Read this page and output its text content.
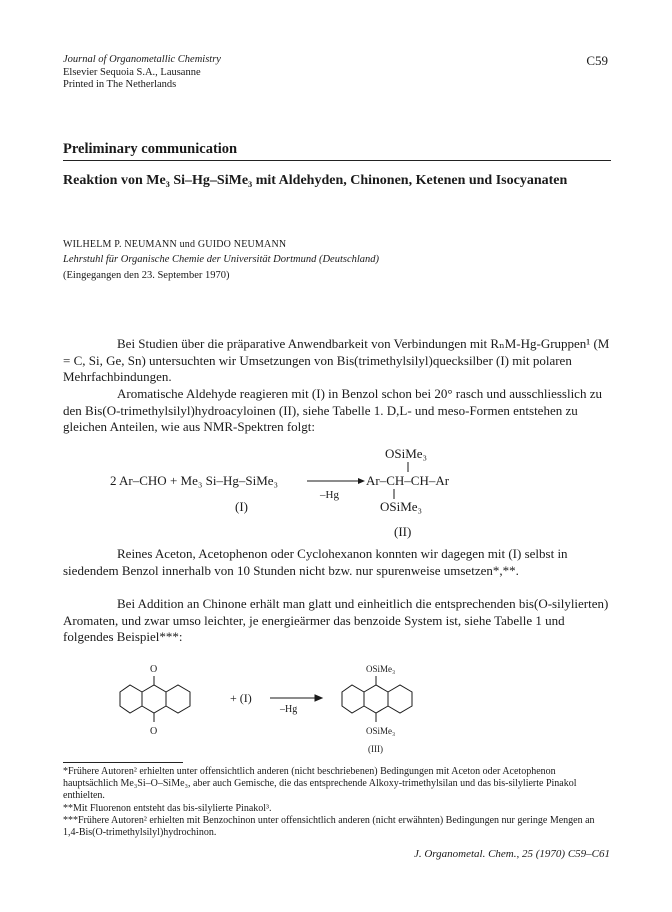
Journal of Organometallic Chemistry
Elsevier Sequoia S.A., Lausanne
Printed in The Netherlands
C59
Preliminary communication
Reaktion von Me₃ Si–Hg–SiMe₃ mit Aldehyden, Chinonen, Ketenen und Isocyanaten
WILHELM P. NEUMANN und GUIDO NEUMANN
Lehrstuhl für Organische Chemie der Universität Dortmund (Deutschland)
(Eingegangen den 23. September 1970)
Bei Studien über die präparative Anwendbarkeit von Verbindungen mit RₙM-Hg-Gruppen¹ (M = C, Si, Ge, Sn) untersuchten wir Umsetzungen von Bis(trimethylsilyl)quecksilber (I) mit polaren Mehrfachbindungen.
Aromatische Aldehyde reagieren mit (I) in Benzol schon bei 20° rasch und ausschliesslich zu den Bis(O-trimethylsilyl)hydroacyloinen (II), siehe Tabelle 1. D,L- und meso-Formen entstehen zu gleichen Anteilen, wie aus NMR-Spektren folgt:
2 Ar–CHO + Me₃ Si–Hg–SiMe₃
–Hg
Ar–CH–CH–Ar
OSiMe₃
OSiMe₃
(I)
(II)
Reines Aceton, Acetophenon oder Cyclohexanon konnten wir dagegen mit (I) selbst in siedendem Benzol innerhalb von 10 Stunden nicht bzw. nur spurenweise umsetzen*,**.
Bei Addition an Chinone erhält man glatt und einheitlich die entsprechenden bis(O-silylierten) Aromaten, und zwar umso leichter, je energieärmer das benzoide System ist, siehe Tabelle 1 und folgendes Beispiel***:
O
O
+ (I)
–Hg
OSiMe₃
OSiMe₃
(III)
*Frühere Autoren² erhielten unter offensichtlich anderen (nicht beschriebenen) Bedingungen mit Aceton oder Acetophenon hauptsächlich Me₃Si–O–SiMe₃, aber auch Gemische, die das entsprechende Alkoxy-trimethylsilan und das bis-silylierte Pinakol enthielten.
**Mit Fluorenon entsteht das bis-silylierte Pinakol³.
***Frühere Autoren² erhielten mit Benzochinon unter offensichtlich anderen (nicht erwähnten) Bedingungen nur geringe Mengen an 1,4-Bis(O-trimethylsilyl)hydrochinon.
J. Organometal. Chem., 25 (1970) C59–C61
